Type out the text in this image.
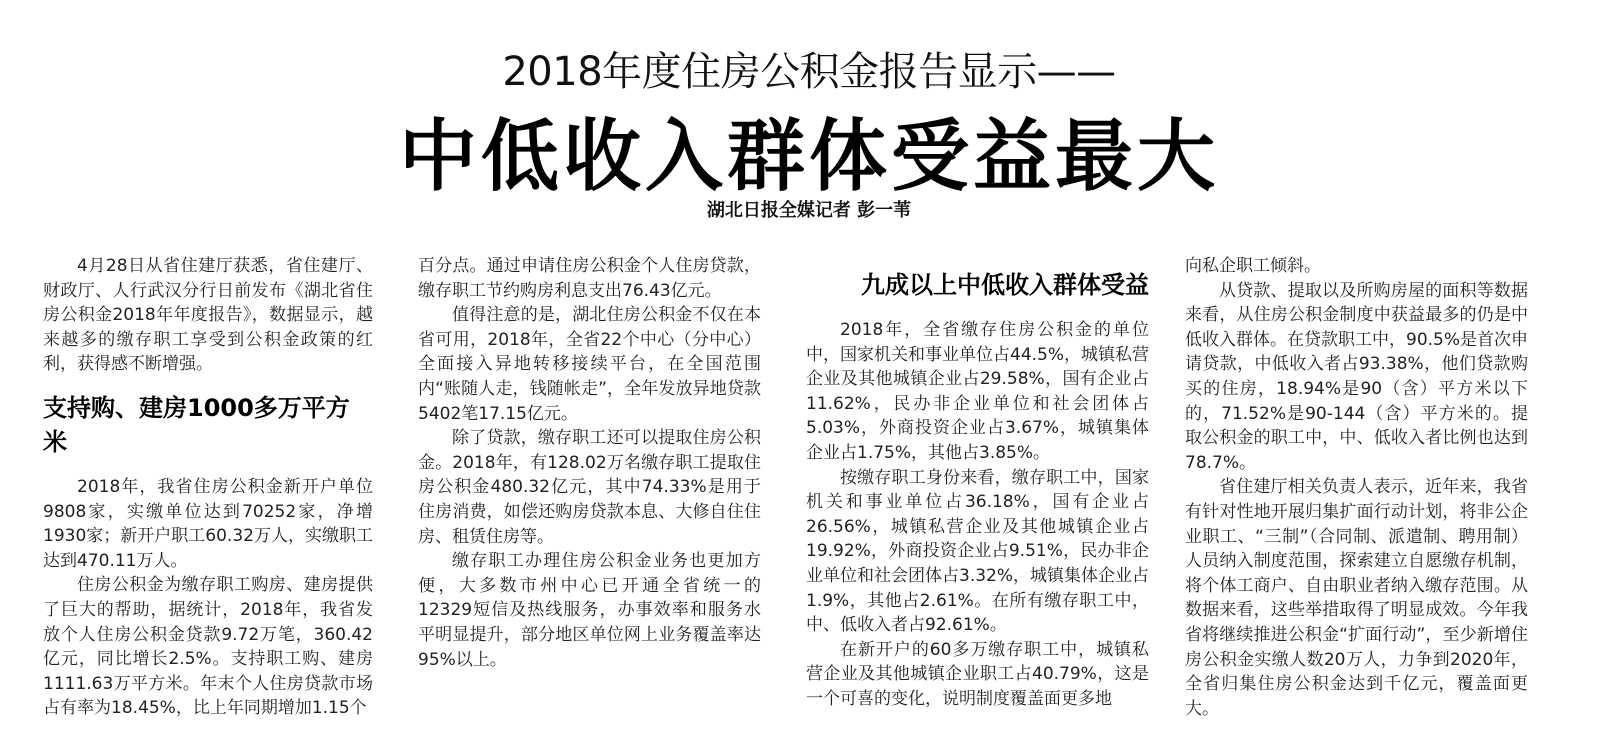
2018年度住房公积金报告显示——
中低收入群体受益最大
湖北日报全媒记者 彭一苇

4月28日从省住建厅获悉，省住建厅、财政厅、人行武汉分行日前发布《湖北省住房公积金2018年年度报告》，数据显示，越来越多的缴存职工享受到公积金政策的红利，获得感不断增强。

支持购、建房1000多万平方米

2018年，我省住房公积金新开户单位9808家，实缴单位达到70252家，净增1930家；新开户职工60.32万人，实缴职工达到470.11万人。

住房公积金为缴存职工购房、建房提供了巨大的帮助，据统计，2018年，我省发放个人住房公积金贷款9.72万笔，360.42亿元，同比增长2.5%。支持职工购、建房1111.63万平方米。年末个人住房贷款市场占有率为18.45%，比上年同期增加1.15个

百分点。通过申请住房公积金个人住房贷款，缴存职工节约购房利息支出76.43亿元。

值得注意的是，湖北住房公积金不仅在本省可用，2018年，全省22个中心（分中心）全面接入异地转移接续平台，在全国范围内“账随人走，钱随帐走”，全年发放异地贷款5402笔17.15亿元。

除了贷款，缴存职工还可以提取住房公积金。2018年，有128.02万名缴存职工提取住房公积金480.32亿元，其中74.33%是用于住房消费，如偿还购房贷款本息、大修自住住房、租赁住房等。

缴存职工办理住房公积金业务也更加方便，大多数市州中心已开通全省统一的12329短信及热线服务，办事效率和服务水平明显提升，部分地区单位网上业务覆盖率达95%以上。

九成以上中低收入群体受益

2018年，全省缴存住房公积金的单位中，国家机关和事业单位占44.5%，城镇私营企业及其他城镇企业占29.58%，国有企业占11.62%，民办非企业单位和社会团体占5.03%，外商投资企业占3.67%，城镇集体企业占1.75%，其他占3.85%。

按缴存职工身份来看，缴存职工中，国家机关和事业单位占36.18%，国有企业占26.56%，城镇私营企业及其他城镇企业占19.92%，外商投资企业占9.51%，民办非企业单位和社会团体占3.32%，城镇集体企业占1.9%，其他占2.61%。在所有缴存职工中，中、低收入者占92.61%。

在新开户的60多万缴存职工中，城镇私营企业及其他城镇企业职工占40.79%，这是一个可喜的变化，说明制度覆盖面更多地

向私企职工倾斜。

从贷款、提取以及所购房屋的面积等数据来看，从住房公积金制度中获益最多的仍是中低收入群体。在贷款职工中，90.5%是首次申请贷款，中低收入者占93.38%，他们贷款购买的住房，18.94%是90（含）平方米以下的，71.52%是90-144（含）平方米的。提取公积金的职工中，中、低收入者比例也达到78.7%。

省住建厅相关负责人表示，近年来，我省有针对性地开展归集扩面行动计划，将非公企业职工、“三制”（合同制、派遣制、聘用制）人员纳入制度范围，探索建立自愿缴存机制，将个体工商户、自由职业者纳入缴存范围。从数据来看，这些举措取得了明显成效。今年我省将继续推进公积金“扩面行动”，至少新增住房公积金实缴人数20万人，力争到2020年，全省归集住房公积金达到千亿元，覆盖面更大。
